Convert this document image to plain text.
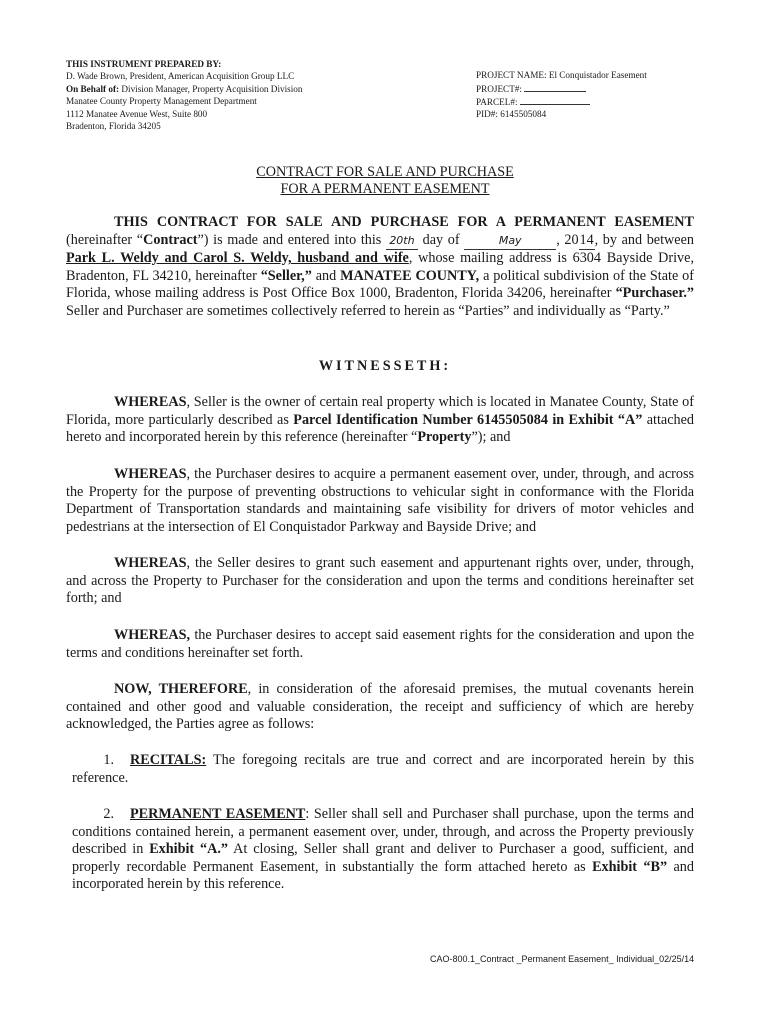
THIS INSTRUMENT PREPARED BY:
D. Wade Brown, President, American Acquisition Group LLC
On Behalf of: Division Manager, Property Acquisition Division
Manatee County Property Management Department
1112 Manatee Avenue West, Suite 800
Bradenton, Florida 34205
PROJECT NAME: El Conquistador Easement
PROJECT#:
PARCEL#:
PID#: 6145505084
CONTRACT FOR SALE AND PURCHASE
FOR A PERMANENT EASEMENT
THIS CONTRACT FOR SALE AND PURCHASE FOR A PERMANENT EASEMENT (hereinafter “Contract”) is made and entered into this 20th day of	May , 2014, by and between Park L. Weldy and Carol S. Weldy, husband and wife, whose mailing address is 6304 Bayside Drive, Bradenton, FL 34210, hereinafter “Seller,” and MANATEE COUNTY, a political subdivision of the State of Florida, whose mailing address is Post Office Box 1000, Bradenton, Florida 34206, hereinafter “Purchaser.” Seller and Purchaser are sometimes collectively referred to herein as “Parties” and individually as “Party.”
WITNESSETH:
WHEREAS, Seller is the owner of certain real property which is located in Manatee County, State of Florida, more particularly described as Parcel Identification Number 6145505084 in Exhibit “A” attached hereto and incorporated herein by this reference (hereinafter “Property”); and
WHEREAS, the Purchaser desires to acquire a permanent easement over, under, through, and across the Property for the purpose of preventing obstructions to vehicular sight in conformance with the Florida Department of Transportation standards and maintaining safe visibility for drivers of motor vehicles and pedestrians at the intersection of El Conquistador Parkway and Bayside Drive; and
WHEREAS, the Seller desires to grant such easement and appurtenant rights over, under, through, and across the Property to Purchaser for the consideration and upon the terms and conditions hereinafter set forth; and
WHEREAS, the Purchaser desires to accept said easement rights for the consideration and upon the terms and conditions hereinafter set forth.
NOW, THEREFORE, in consideration of the aforesaid premises, the mutual covenants herein contained and other good and valuable consideration, the receipt and sufficiency of which are hereby acknowledged, the Parties agree as follows:
1. RECITALS: The foregoing recitals are true and correct and are incorporated herein by this reference.
2. PERMANENT EASEMENT: Seller shall sell and Purchaser shall purchase, upon the terms and conditions contained herein, a permanent easement over, under, through, and across the Property previously described in Exhibit “A.” At closing, Seller shall grant and deliver to Purchaser a good, sufficient, and properly recordable Permanent Easement, in substantially the form attached hereto as Exhibit “B” and incorporated herein by this reference.
CAO-800.1_Contract _Permanent Easement_ Individual_02/25/14
